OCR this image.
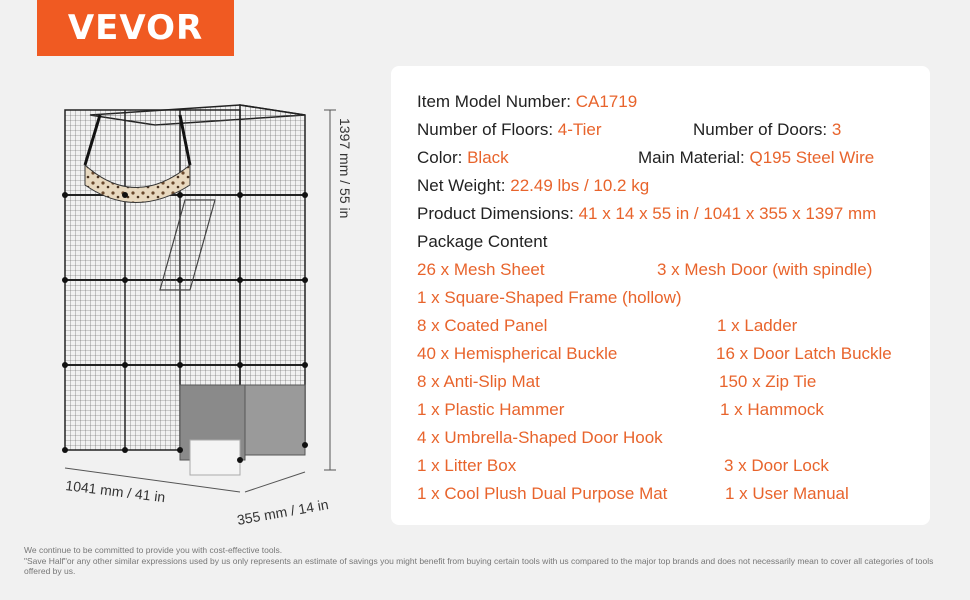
VEVOR
1397 mm / 55 in
1041 mm / 41 in
355 mm / 14 in
Item Model Number: CA1719
Number of Floors: 4-Tier	Number of Doors: 3
Color: Black	Main Material: Q195 Steel Wire
Net Weight: 22.49 lbs / 10.2 kg
Product Dimensions: 41 x 14 x 55 in / 1041 x 355 x 1397 mm
Package Content
26 x Mesh Sheet	3 x Mesh Door (with spindle)
1 x Square-Shaped Frame (hollow)
8 x Coated Panel	1 x Ladder
40 x Hemispherical Buckle	16 x Door Latch Buckle
8 x Anti-Slip Mat	150 x Zip Tie
1 x Plastic Hammer	1 x Hammock
4 x Umbrella-Shaped Door Hook
1 x Litter Box	3 x Door Lock
1 x Cool Plush Dual Purpose Mat	1 x User Manual
We continue to be committed to provide you with cost-effective tools.
"Save Half"or any other similar expressions used by us only represents an estimate of savings you might benefit from buying certain tools with us compared to the major top brands and does not necessarily mean to cover all categories of tools offered by us.
